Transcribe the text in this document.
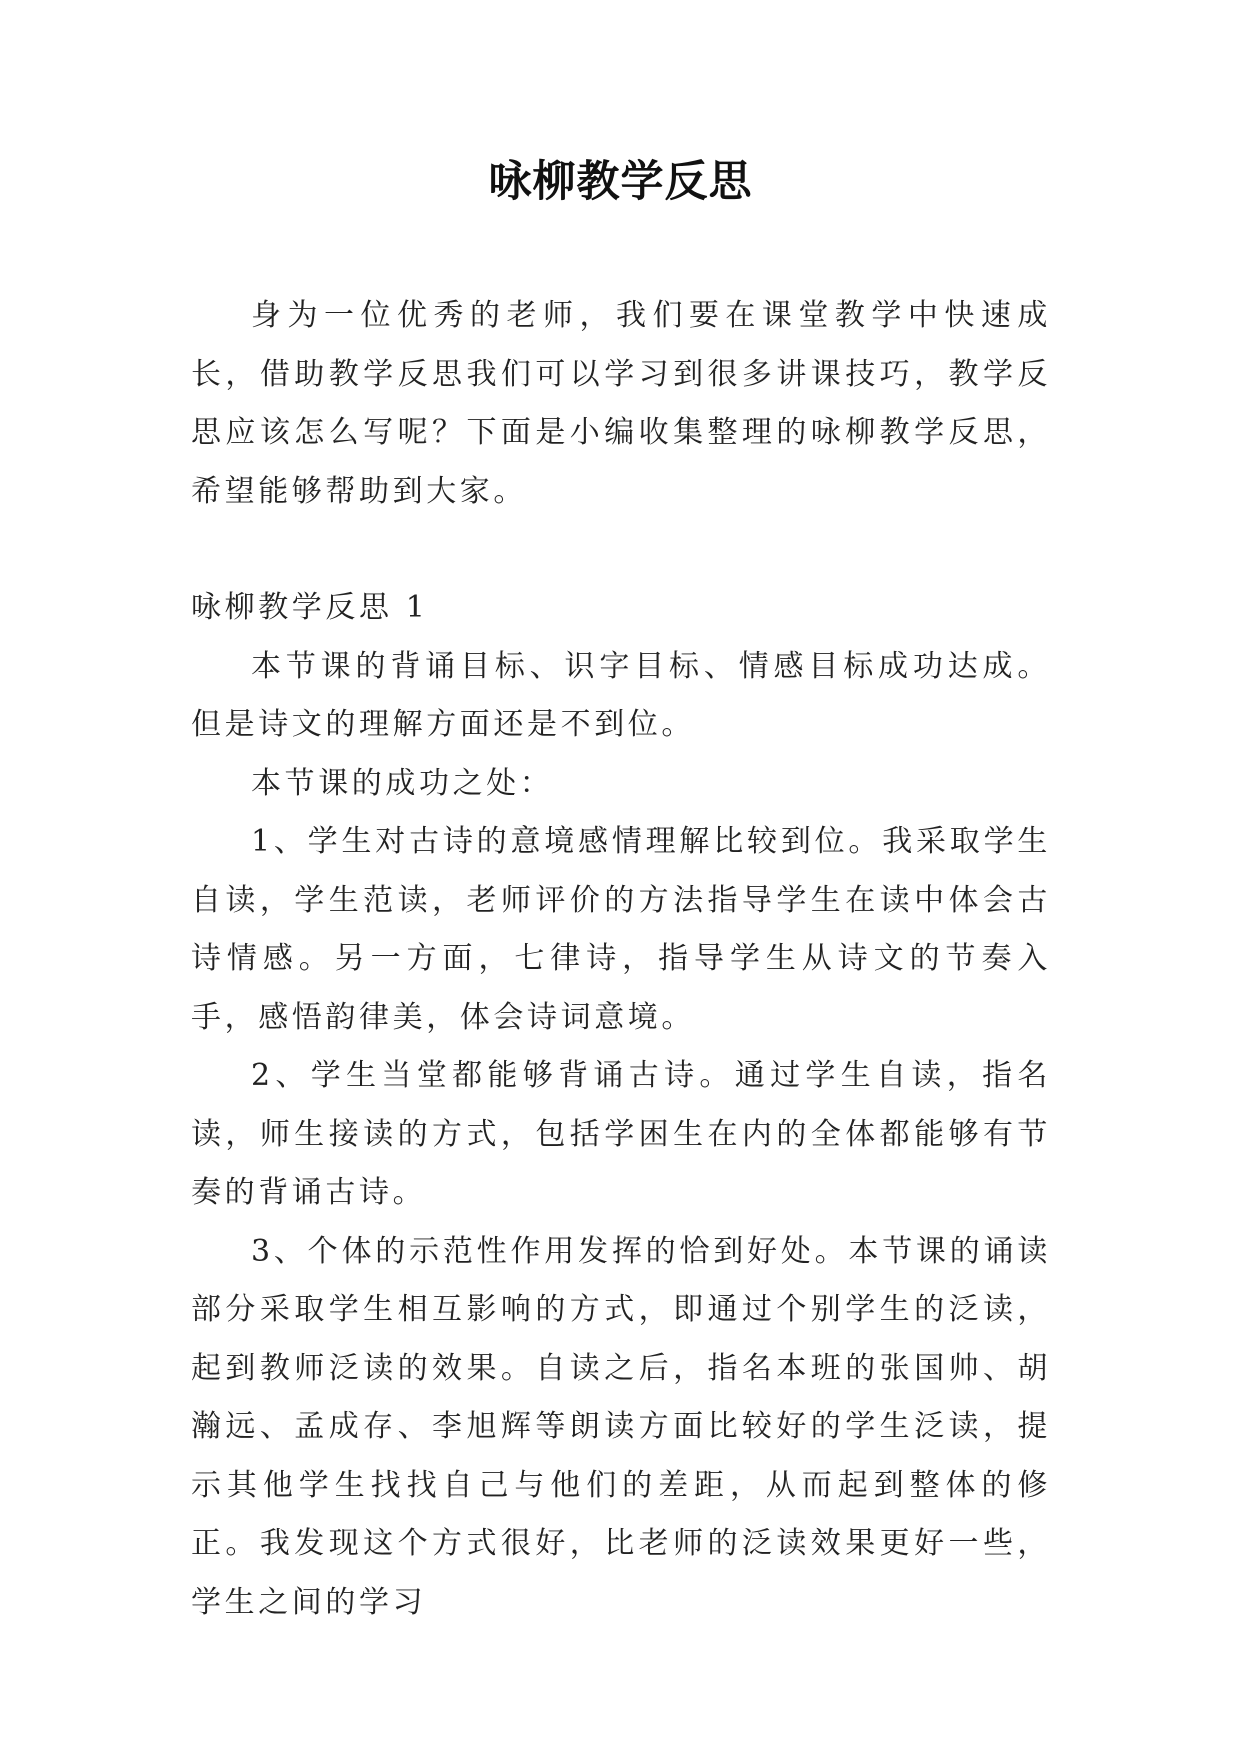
咏柳教学反思

身为一位优秀的老师，我们要在课堂教学中快速成长，借助教学反思我们可以学习到很多讲课技巧，教学反思应该怎么写呢？下面是小编收集整理的咏柳教学反思，希望能够帮助到大家。

咏柳教学反思 1

本节课的背诵目标、识字目标、情感目标成功达成。但是诗文的理解方面还是不到位。

本节课的成功之处：

1、学生对古诗的意境感情理解比较到位。我采取学生自读，学生范读，老师评价的方法指导学生在读中体会古诗情感。另一方面，七律诗，指导学生从诗文的节奏入手，感悟韵律美，体会诗词意境。

2、学生当堂都能够背诵古诗。通过学生自读，指名读，师生接读的方式，包括学困生在内的全体都能够有节奏的背诵古诗。

3、个体的示范性作用发挥的恰到好处。本节课的诵读部分采取学生相互影响的方式，即通过个别学生的泛读，起到教师泛读的效果。自读之后，指名本班的张国帅、胡瀚远、孟成存、李旭辉等朗读方面比较好的学生泛读，提示其他学生找找自己与他们的差距，从而起到整体的修正。我发现这个方式很好，比老师的泛读效果更好一些，学生之间的学习
